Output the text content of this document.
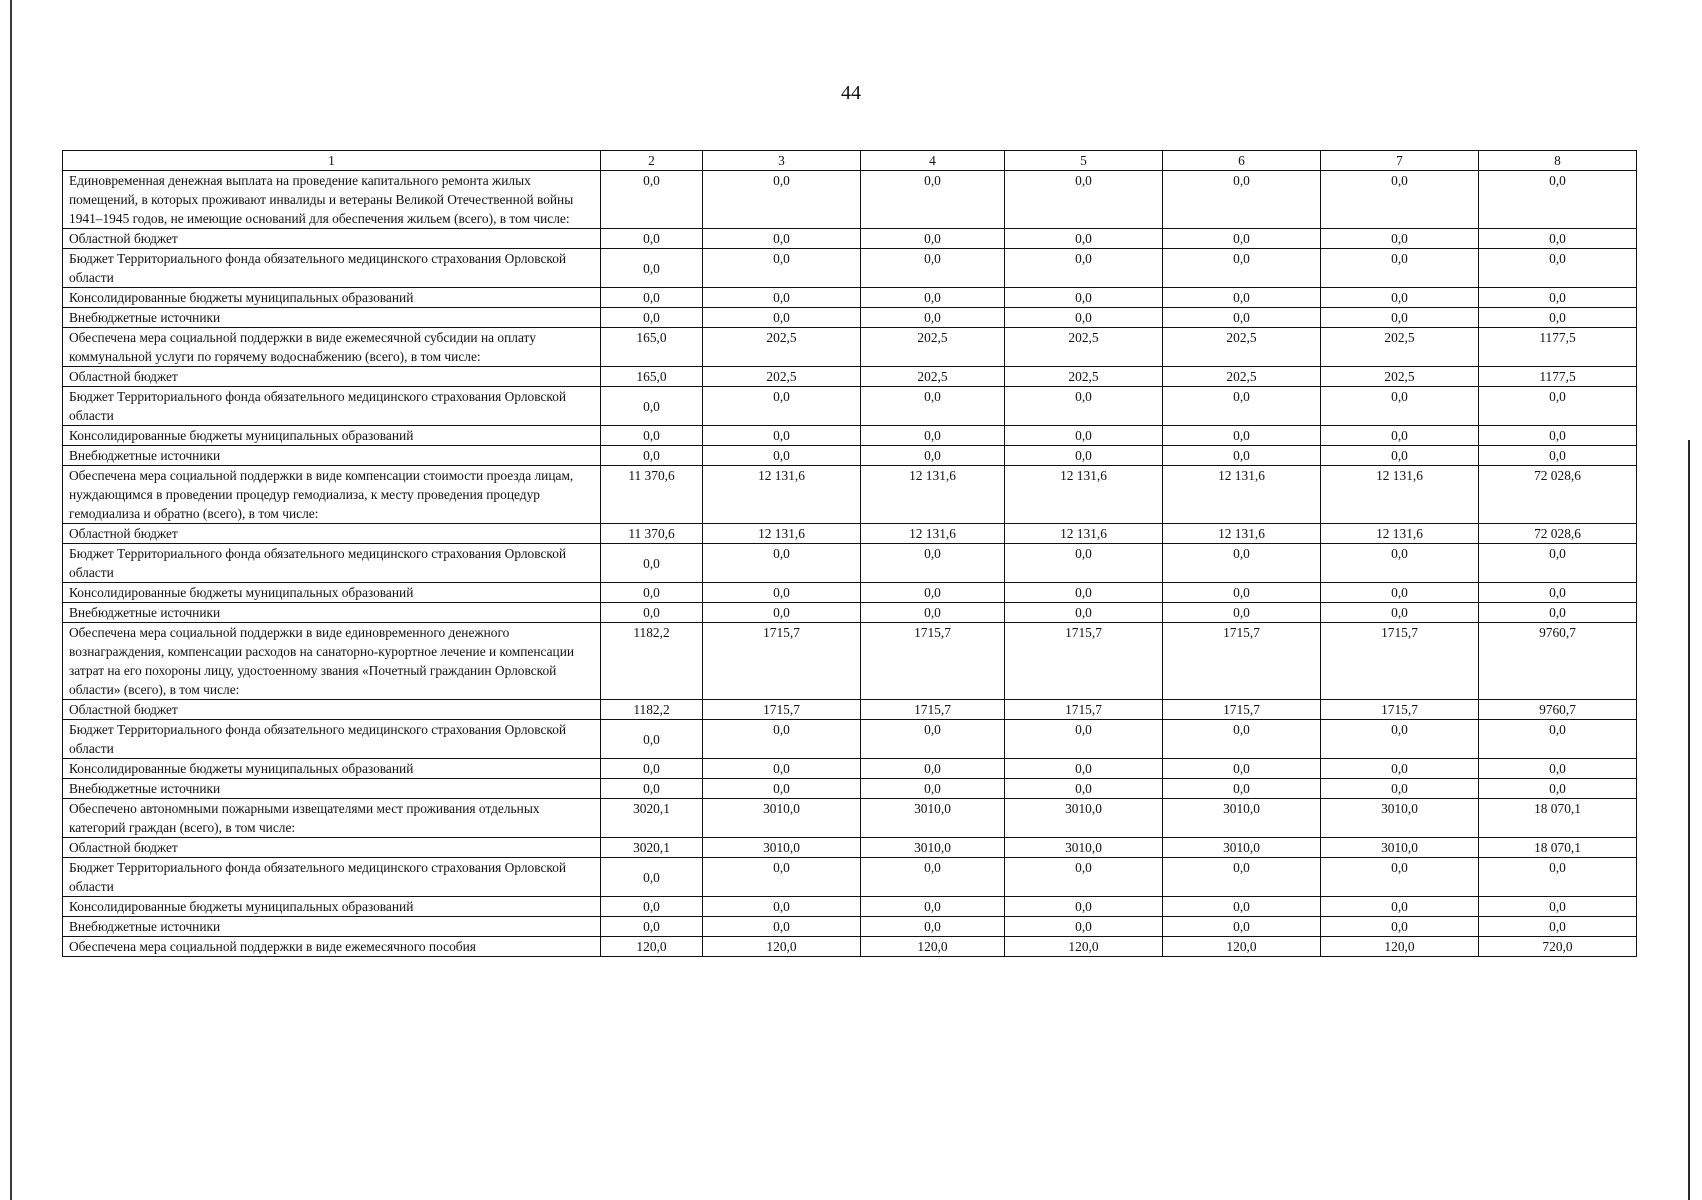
44
1	2	3	4	5	6	7	8
Единовременная денежная выплата на проведение капитального ремонта жилых помещений, в которых проживают инвалиды и ветераны Великой Отечественной войны 1941–1945 годов, не имеющие оснований для обеспечения жильем (всего), в том числе:	0,0	0,0	0,0	0,0	0,0	0,0	0,0
Областной бюджет	0,0	0,0	0,0	0,0	0,0	0,0	0,0
Бюджет Территориального фонда обязательного медицинского страхования Орловской области	0,0	0,0	0,0	0,0	0,0	0,0	0,0
Консолидированные бюджеты муниципальных образований	0,0	0,0	0,0	0,0	0,0	0,0	0,0
Внебюджетные источники	0,0	0,0	0,0	0,0	0,0	0,0	0,0
Обеспечена мера социальной поддержки в виде ежемесячной субсидии на оплату коммунальной услуги по горячему водоснабжению (всего), в том числе:	165,0	202,5	202,5	202,5	202,5	202,5	1177,5
Областной бюджет	165,0	202,5	202,5	202,5	202,5	202,5	1177,5
Бюджет Территориального фонда обязательного медицинского страхования Орловской области	0,0	0,0	0,0	0,0	0,0	0,0	0,0
Консолидированные бюджеты муниципальных образований	0,0	0,0	0,0	0,0	0,0	0,0	0,0
Внебюджетные источники	0,0	0,0	0,0	0,0	0,0	0,0	0,0
Обеспечена мера социальной поддержки в виде компенсации стоимости проезда лицам, нуждающимся в проведении процедур гемодиализа, к месту проведения процедур гемодиализа и обратно (всего), в том числе:	11 370,6	12 131,6	12 131,6	12 131,6	12 131,6	12 131,6	72 028,6
Областной бюджет	11 370,6	12 131,6	12 131,6	12 131,6	12 131,6	12 131,6	72 028,6
Бюджет Территориального фонда обязательного медицинского страхования Орловской области	0,0	0,0	0,0	0,0	0,0	0,0	0,0
Консолидированные бюджеты муниципальных образований	0,0	0,0	0,0	0,0	0,0	0,0	0,0
Внебюджетные источники	0,0	0,0	0,0	0,0	0,0	0,0	0,0
Обеспечена мера социальной поддержки в виде единовременного денежного вознаграждения, компенсации расходов на санаторно-курортное лечение и компенсации затрат на его похороны лицу, удостоенному звания «Почетный гражданин Орловской области» (всего), в том числе:	1182,2	1715,7	1715,7	1715,7	1715,7	1715,7	9760,7
Областной бюджет	1182,2	1715,7	1715,7	1715,7	1715,7	1715,7	9760,7
Бюджет Территориального фонда обязательного медицинского страхования Орловской области	0,0	0,0	0,0	0,0	0,0	0,0	0,0
Консолидированные бюджеты муниципальных образований	0,0	0,0	0,0	0,0	0,0	0,0	0,0
Внебюджетные источники	0,0	0,0	0,0	0,0	0,0	0,0	0,0
Обеспечено автономными пожарными извещателями мест проживания отдельных категорий граждан (всего), в том числе:	3020,1	3010,0	3010,0	3010,0	3010,0	3010,0	18 070,1
Областной бюджет	3020,1	3010,0	3010,0	3010,0	3010,0	3010,0	18 070,1
Бюджет Территориального фонда обязательного медицинского страхования Орловской области	0,0	0,0	0,0	0,0	0,0	0,0	0,0
Консолидированные бюджеты муниципальных образований	0,0	0,0	0,0	0,0	0,0	0,0	0,0
Внебюджетные источники	0,0	0,0	0,0	0,0	0,0	0,0	0,0
Обеспечена мера социальной поддержки в виде ежемесячного пособия	120,0	120,0	120,0	120,0	120,0	120,0	720,0
